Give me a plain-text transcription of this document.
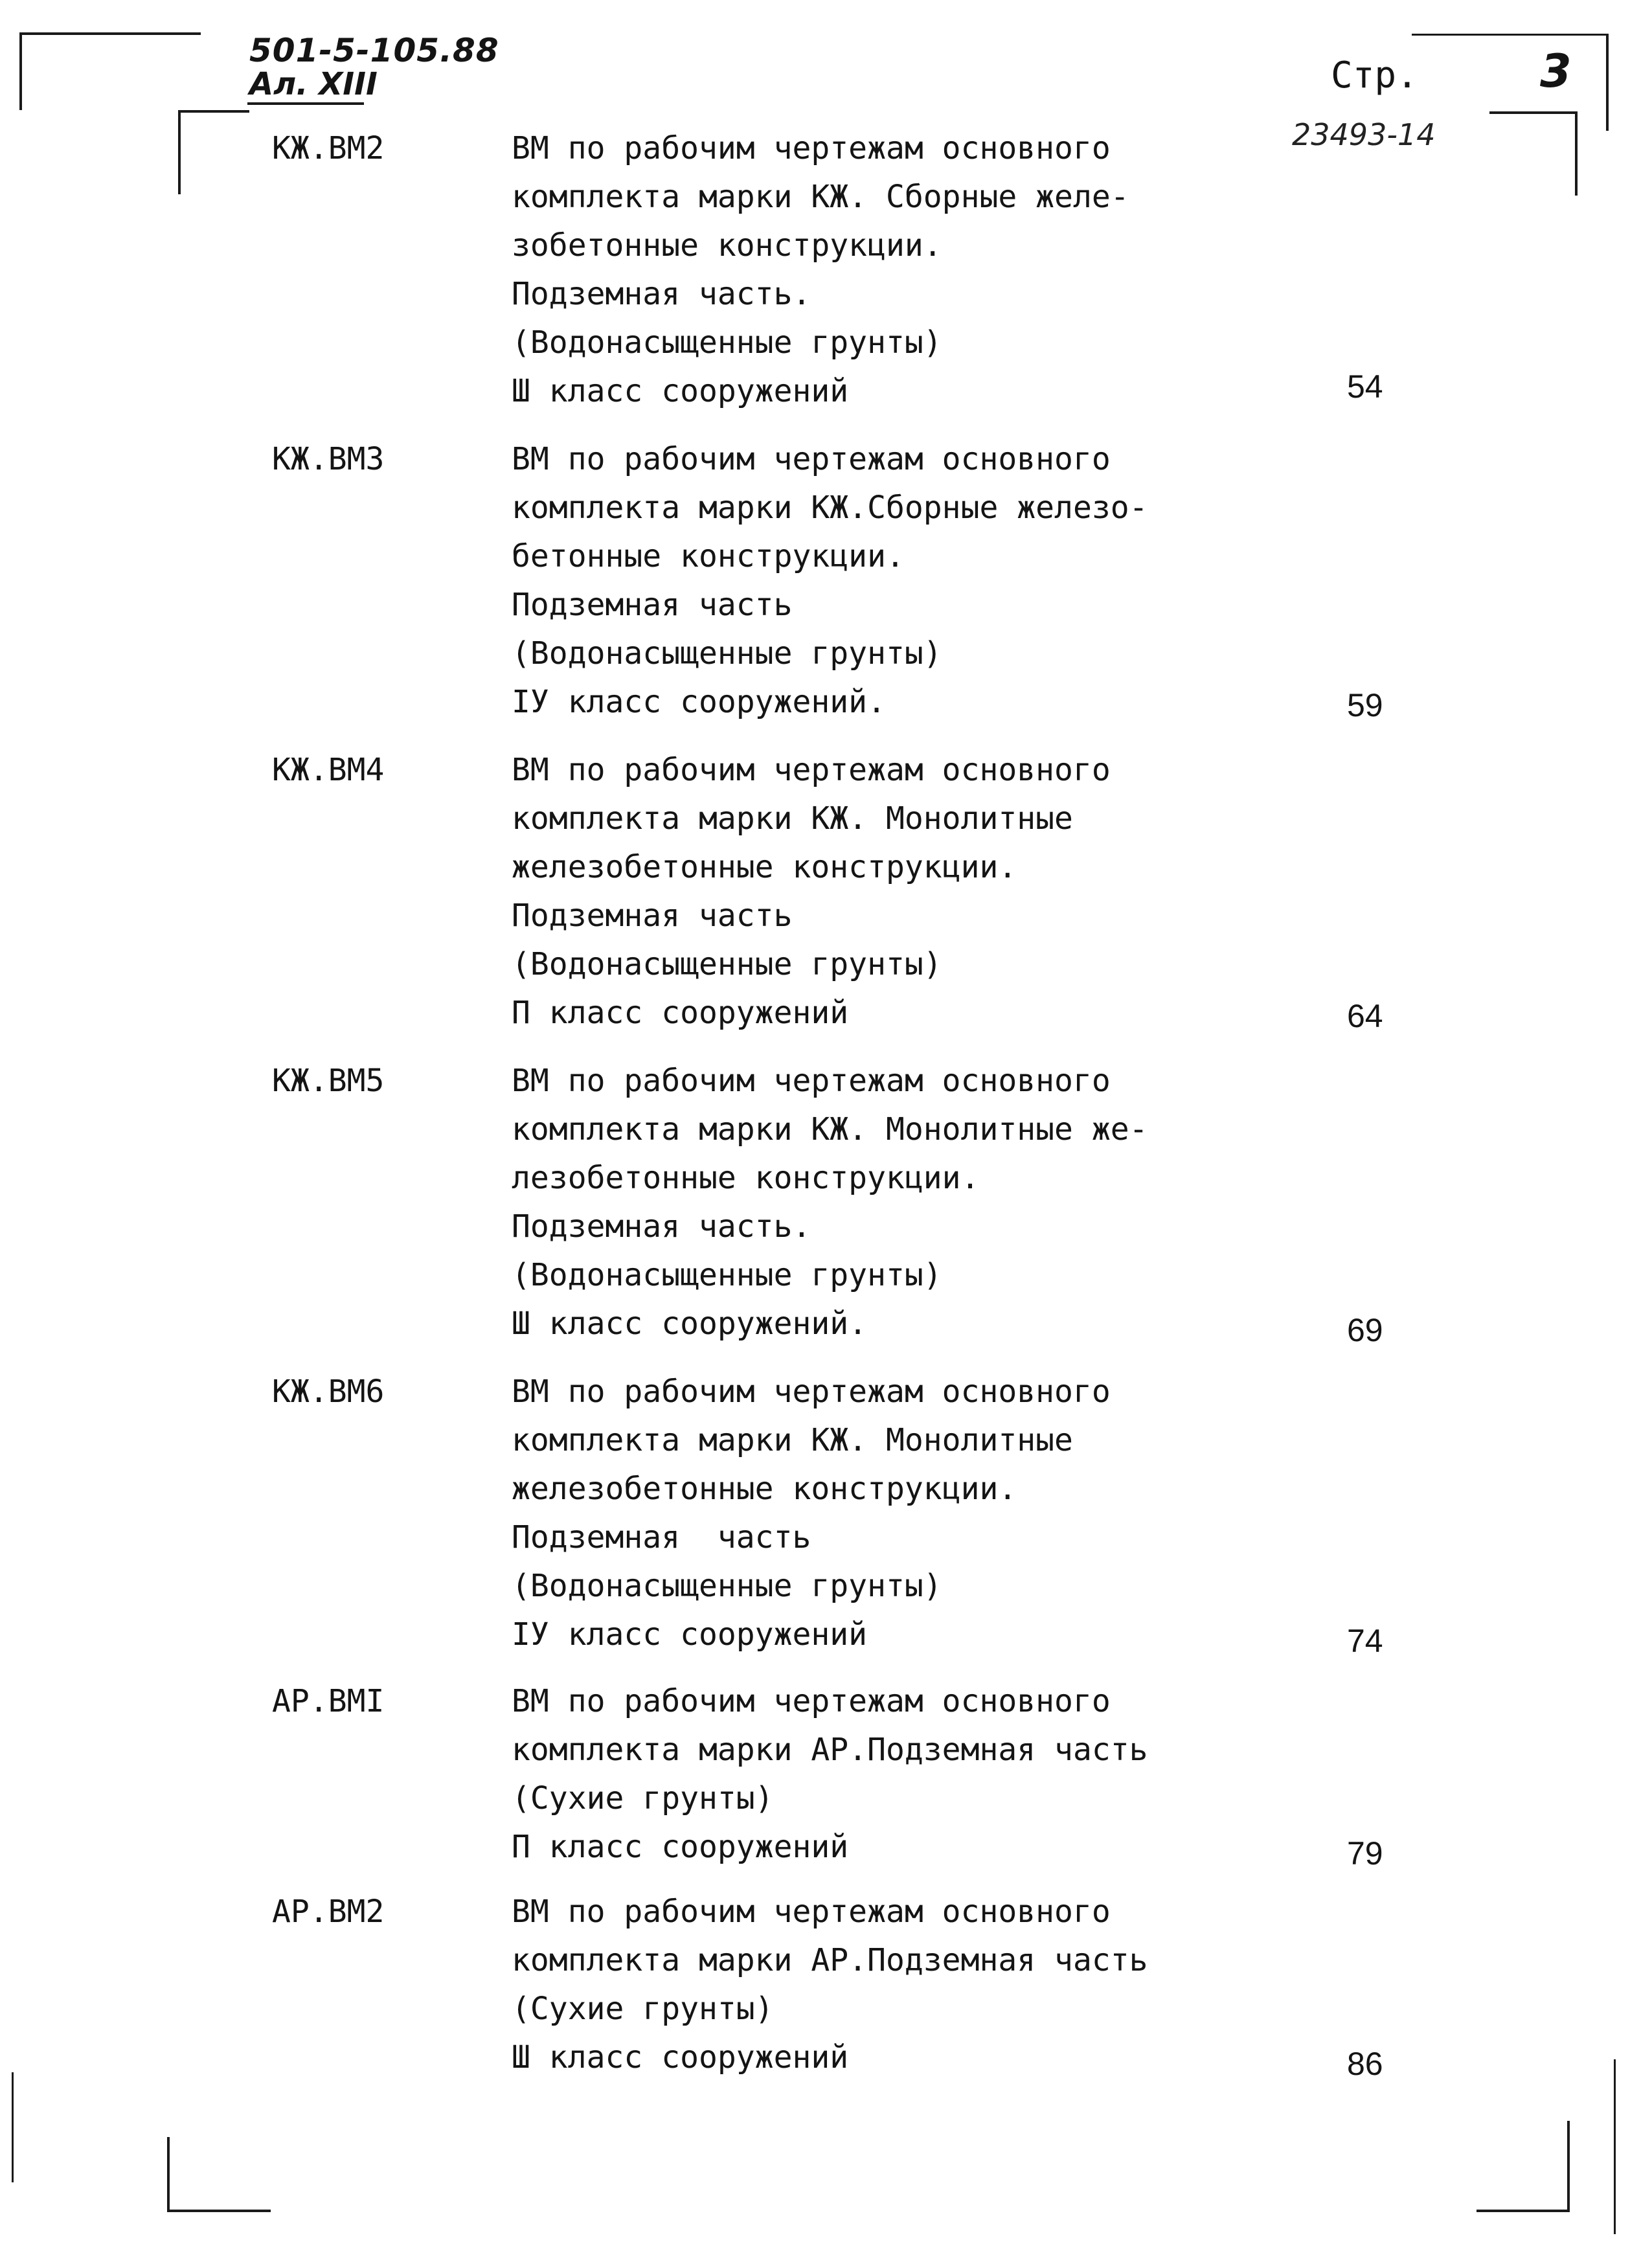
501-5-105.88
Ал. XIII	Стр.	3
23493-14
КЖ.ВМ2	ВМ по рабочим чертежам основного
комплекта марки КЖ. Сборные желе-
зобетонные конструкции.
Подземная часть.
(Водонасыщенные грунты)
Ш класс сооружений	54
КЖ.ВМ3	ВМ по рабочим чертежам основного
комплекта марки КЖ.Сборные железо-
бетонные конструкции.
Подземная часть
(Водонасыщенные грунты)
IУ класс сооружений.	59
КЖ.ВМ4	ВМ по рабочим чертежам основного
комплекта марки КЖ. Монолитные
железобетонные конструкции.
Подземная часть
(Водонасыщенные грунты)
П класс сооружений	64
КЖ.ВМ5	ВМ по рабочим чертежам основного
комплекта марки КЖ. Монолитные же-
лезобетонные конструкции.
Подземная часть.
(Водонасыщенные грунты)
Ш класс сооружений.	69
КЖ.ВМ6	ВМ по рабочим чертежам основного
комплекта марки КЖ. Монолитные
железобетонные конструкции.
Подземная  часть
(Водонасыщенные грунты)
IУ класс сооружений	74
АР.ВМI	ВМ по рабочим чертежам основного
комплекта марки АР.Подземная часть
(Сухие грунты)
П класс сооружений	79
АР.ВМ2	ВМ по рабочим чертежам основного
комплекта марки АР.Подземная часть
(Сухие грунты)
Ш класс сооружений	86
